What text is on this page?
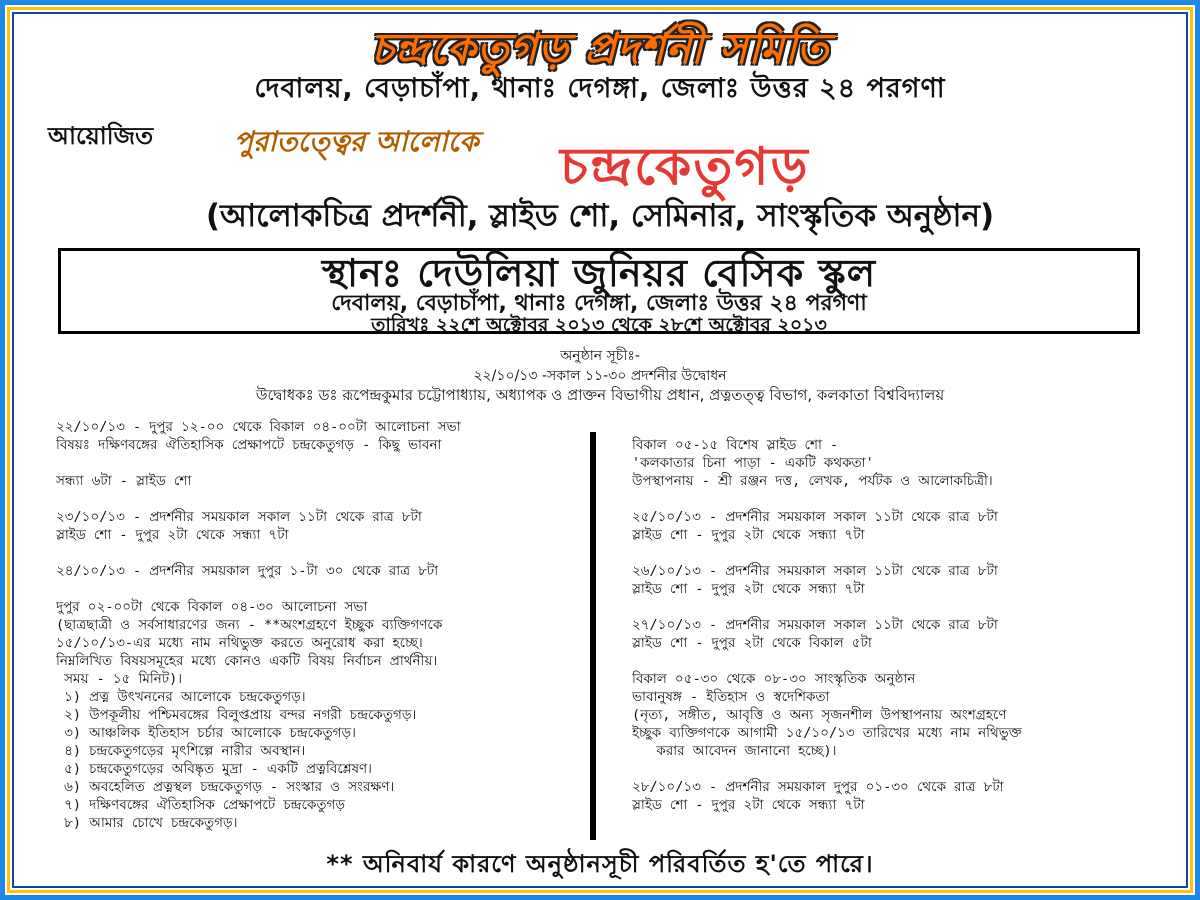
চন্দ্রকেতুগড় প্রদর্শনী সমিতি
দেবালয়, বেড়াচাঁপা, থানাঃ দেগঙ্গা, জেলাঃ উত্তর ২৪ পরগণা
আয়োজিত	পুরাতত্ত্বের আলোকে চন্দ্রকেতুগড়
(আলোকচিত্র প্রদর্শনী, স্লাইড শো, সেমিনার, সাংস্কৃতিক অনুষ্ঠান)
স্থানঃ দেউলিয়া জুনিয়র বেসিক স্কুল
দেবালয়, বেড়াচাঁপা, থানাঃ দেগঙ্গা, জেলাঃ উত্তর ২৪ পরগণা
তারিখঃ ২২শে অক্টোবর ২০১৩ থেকে ২৮শে অক্টোবর ২০১৩
অনুষ্ঠান সূচীঃ-
২২/১০/১৩ -সকাল ১১-৩০ প্রদর্শনীর উদ্বোধন
উদ্বোধকঃ ডঃ রূপেন্দ্রকুমার চট্টোপাধ্যায়, অধ্যাপক ও প্রাক্তন বিভাগীয় প্রধান, প্রত্নতত্ত্ব বিভাগ, কলকাতা বিশ্ববিদ্যালয়
২২/১০/১৩ - দুপুর ১২-০০ থেকে বিকাল ০৪-০০টা আলোচনা সভা
বিষয়ঃ দক্ষিণবঙ্গের ঐতিহাসিক প্রেক্ষাপটে চন্দ্রকেতুগড় - কিছু ভাবনা
সন্ধ্যা ৬টা - স্লাইড শো
২৩/১০/১৩ - প্রদর্শনীর সময়কাল সকাল ১১টা থেকে রাত্র ৮টা
স্লাইড শো - দুপুর ২টা থেকে সন্ধ্যা ৭টা
২৪/১০/১৩ - প্রদর্শনীর সময়কাল দুপুর ১-টা ৩০ থেকে রাত্র ৮টা
দুপুর ০২-০০টা থেকে বিকাল ০৪-৩০ আলোচনা সভা
(ছাত্রছাত্রী ও সর্বসাধারণের জন্য - **অংশগ্রহণে ইচ্ছুক ব্যক্তিগণকে
১৫/১০/১৩-এর মধ্যে নাম নথিভুক্ত করতে অনুরোধ করা হচ্ছে।
নিম্নলিখিত বিষয়সমূহের মধ্যে কোনও একটি বিষয় নির্বাচন প্রার্থনীয়।
সময় - ১৫ মিনিট)।
১) প্রত্ন উৎখননের আলোকে চন্দ্রকেতুগড়।
২) উপকূলীয় পশ্চিমবঙ্গের বিলুপ্তপ্রায় বন্দর নগরী চন্দ্রকেতুগড়।
৩) আঞ্চলিক ইতিহাস চর্চার আলোকে চন্দ্রকেতুগড়।
৪) চন্দ্রকেতুগড়ের মৃৎশিল্পে নারীর অবস্থান।
৫) চন্দ্রকেতুগড়ের অবিষ্কৃত মুদ্রা - একটি প্রত্নবিশ্লেষণ।
৬) অবহেলিত প্রত্নস্থল চন্দ্রকেতুগড় - সংস্কার ও সংরক্ষণ।
৭) দক্ষিণবঙ্গের ঐতিহাসিক প্রেক্ষাপটে চন্দ্রকেতুগড়
৮) আমার চোখে চন্দ্রকেতুগড়।
বিকাল ০৫-১৫ বিশেষ স্লাইড শো -
'কলকাতার চিনা পাড়া - একটি কথকতা'
উপস্থাপনায় - শ্রী রঞ্জন দত্ত, লেখক, পর্যটক ও আলোকচিত্রী।
২৫/১০/১৩ - প্রদর্শনীর সময়কাল সকাল ১১টা থেকে রাত্র ৮টা
স্লাইড শো - দুপুর ২টা থেকে সন্ধ্যা ৭টা
২৬/১০/১৩ - প্রদর্শনীর সময়কাল সকাল ১১টা থেকে রাত্র ৮টা
স্লাইড শো - দুপুর ২টা থেকে সন্ধ্যা ৭টা
২৭/১০/১৩ - প্রদর্শনীর সময়কাল সকাল ১১টা থেকে রাত্র ৮টা
স্লাইড শো - দুপুর ২টা থেকে বিকাল ৫টা
বিকাল ০৫-৩০ থেকে ০৮-৩০ সাংস্কৃতিক অনুষ্ঠান
ভাবানুষঙ্গ - ইতিহাস ও স্বদেশিকতা
(নৃত্য, সঙ্গীত, আবৃত্তি ও অন্য সৃজনশীল উপস্থাপনায় অংশগ্রহণে
ইচ্ছুক ব্যক্তিগণকে আগামী ১৫/১০/১৩ তারিখের মধ্যে নাম নথিভুক্ত
করার আবেদন জানানো হচ্ছে)।
২৮/১০/১৩ - প্রদর্শনীর সময়কাল দুপুর ০১-৩০ থেকে রাত্র ৮টা
স্লাইড শো - দুপুর ২টা থেকে সন্ধ্যা ৭টা
** অনিবার্য কারণে অনুষ্ঠানসূচী পরিবর্তিত হ'তে পারে।
